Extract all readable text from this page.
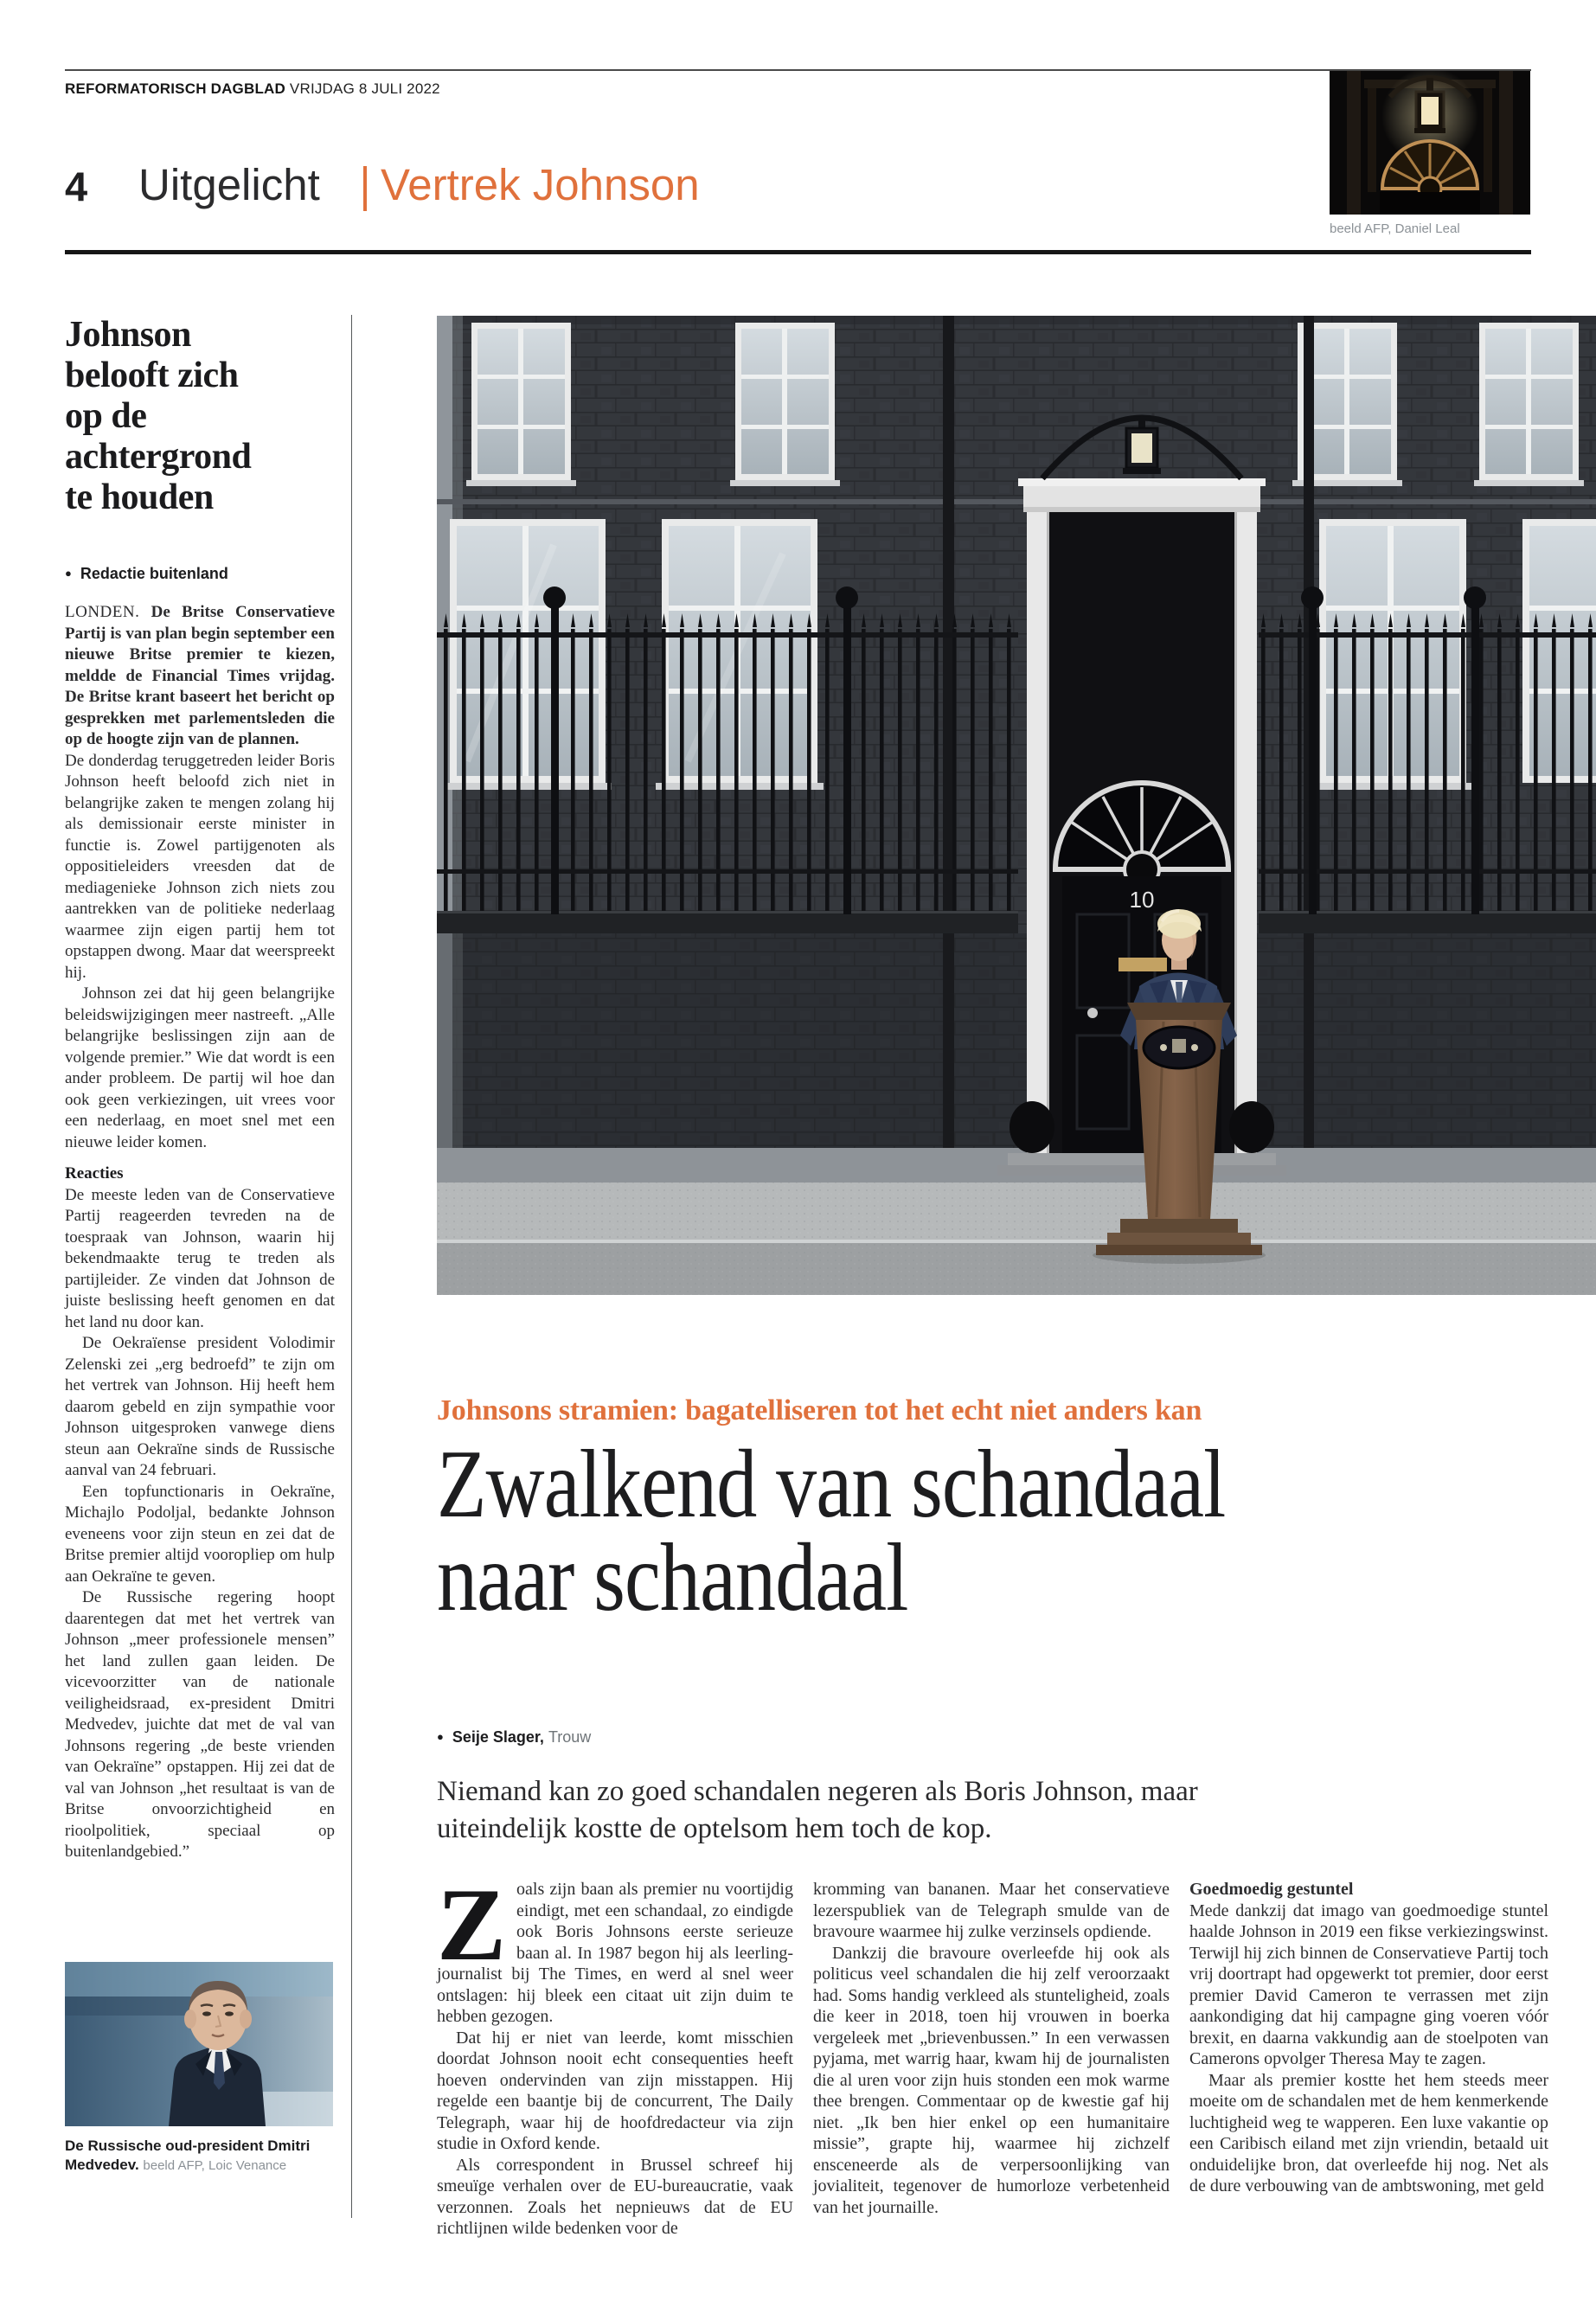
REFORMATORISCH DAGBLAD VRIJDAG 8 JULI 2022
4 Uitgelicht Vertrek Johnson
beeld AFP, Daniel Leal
Johnson belooft zich op de achtergrond te houden
● Redactie buitenland

LONDEN. De Britse Conservatieve Partij is van plan begin september een nieuwe Britse premier te kiezen, meldde de Financial Times vrijdag. De Britse krant baseert het bericht op gesprekken met parlementsleden die op de hoogte zijn van de plannen.

De donderdag teruggetreden leider Boris Johnson heeft beloofd zich niet in belangrijke zaken te mengen zolang hij als demissionair eerste minister in functie is. Zowel partijgenoten als oppositieleiders vreesden dat de mediagenieke Johnson zich niets zou aantrekken van de politieke nederlaag waarmee zijn eigen partij hem tot opstappen dwong. Maar dat weerspreekt hij.

Johnson zei dat hij geen belangrijke beleidswijzigingen meer nastreeft. „Alle belangrijke beslissingen zijn aan de volgende premier.” Wie dat wordt is een ander probleem. De partij wil hoe dan ook geen verkiezingen, uit vrees voor een nederlaag, en moet snel met een nieuwe leider komen.

Reacties

De meeste leden van de Conservatieve Partij reageerden tevreden na de toespraak van Johnson, waarin hij bekendmaakte terug te treden als partijleider. Ze vinden dat Johnson de juiste beslissing heeft genomen en dat het land nu door kan.

De Oekraïense president Volodimir Zelenski zei „erg bedroefd” te zijn om het vertrek van Johnson. Hij heeft hem daarom gebeld en zijn sympathie voor Johnson uitgesproken vanwege diens steun aan Oekraïne sinds de Russische aanval van 24 februari.

Een topfunctionaris in Oekraïne, Michajlo Podoljal, bedankte Johnson eveneens voor zijn steun en zei dat de Britse premier altijd vooropliep om hulp aan Oekraïne te geven.

De Russische regering hoopt daarentegen dat met het vertrek van Johnson „meer professionele mensen” het land zullen gaan leiden. De vicevoorzitter van de nationale veiligheidsraad, ex-president Dmitri Medvedev, juichte dat met de val van Johnsons regering „de beste vrienden van Oekraïne” opstappen. Hij zei dat de val van Johnson „het resultaat is van de Britse onvoorzichtigheid en rioolpolitiek, speciaal op buitenlandgebied.”

De Russische oud-president Dmitri Medvedev. beeld AFP, Loic Venance
10
Johnsons stramien: bagatelliseren tot het echt niet anders kan
Zwalkend van schandaal
naar schandaal
● Seije Slager, Trouw
Niemand kan zo goed schandalen negeren als Boris Johnson, maar uiteindelijk kostte de optelsom hem toch de kop.

Zoals zijn baan als premier nu voortijdig eindigt, met een schandaal, zo eindigde ook Boris Johnsons eerste serieuze baan al. In 1987 begon hij als leerling-journalist bij The Times, en werd al snel weer ontslagen: hij bleek een citaat uit zijn duim te hebben gezogen.

Dat hij er niet van leerde, komt misschien doordat Johnson nooit echt consequenties heeft hoeven ondervinden van zijn misstappen. Hij regelde een baantje bij de concurrent, The Daily Telegraph, waar hij de hoofdredacteur via zijn studie in Oxford kende.

Als correspondent in Brussel schreef hij smeuïge verhalen over de EU-bureaucratie, vaak verzonnen. Zoals het nepnieuws dat de EU richtlijnen wilde bedenken voor de

kromming van bananen. Maar het conservatieve lezerspubliek van de Telegraph smulde van de bravoure waarmee hij zulke verzinsels opdiende.

Dankzij die bravoure overleefde hij ook als politicus veel schandalen die hij zelf veroorzaakt had. Soms handig verkleed als stunteligheid, zoals die keer in 2018, toen hij vrouwen in boerka vergeleek met „brievenbussen.” In een verwassen pyjama, met warrig haar, kwam hij de journalisten die al uren voor zijn huis stonden een mok warme thee brengen. Commentaar op de kwestie gaf hij niet. „Ik ben hier enkel op een humanitaire missie”, grapte hij, waarmee hij zichzelf ensceneerde als de verpersoonlijking van jovialiteit, tegenover de humorloze verbetenheid van het journaille.

Goedmoedig gestuntel

Mede dankzij dat imago van goedmoedige stuntel haalde Johnson in 2019 een fikse verkiezingswinst. Terwijl hij zich binnen de Conservatieve Partij toch vrij doortrapt had opgewerkt tot premier, door eerst premier David Cameron te verrassen met zijn aankondiging dat hij campagne ging voeren vóór brexit, en daarna vakkundig aan de stoelpoten van Camerons opvolger Theresa May te zagen.

Maar als premier kostte het hem steeds meer moeite om de schandalen met de hem kenmerkende luchtigheid weg te wapperen. Een luxe vakantie op een Caribisch eiland met zijn vriendin, betaald uit onduidelijke bron, dat overleefde hij nog. Net als de dure verbouwing van de ambtswoning, met geld
